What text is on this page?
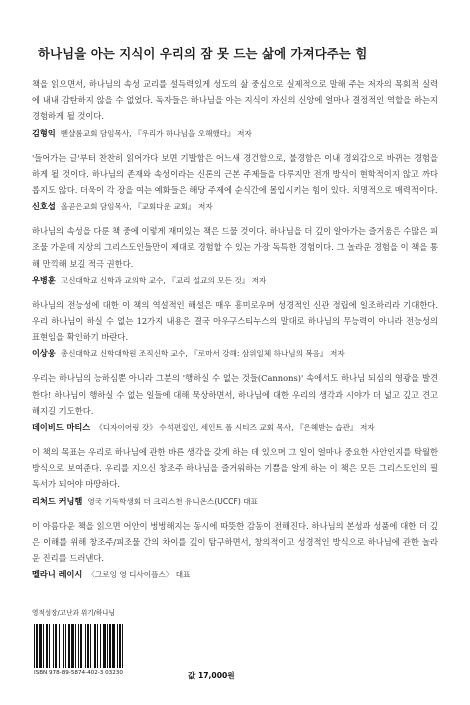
하나님을 아는 지식이 우리의 잠 못 드는 삶에 가져다주는 힘

책을 읽으면서, 하나님의 속성 교리를 설득력있게 성도의 삶 중심으로 실제적으로 말해 주는 저자의 목회적 실력에 내내 감탄하지 않을 수 없었다. 독자들은 하나님을 아는 지식이 자신의 신앙에 얼마나 결정적인 역할을 하는지 경험하게 될 것이다.

김형익 벧샬롬교회 담임목사, 『우리가 하나님을 오해했다』 저자

'들어가는 글'부터 찬찬히 읽어가다 보면 기발함은 어느새 경건함으로, 불경함은 이내 경외감으로 바뀌는 경험을 하게 될 것이다. 하나님의 존재와 속성이라는 신론의 근본 주제들을 다루지만 전개 방식이 현학적이지 않고 까다롭지도 않다. 더욱이 각 장을 여는 예화들은 해당 주제에 순식간에 몰입시키는 힘이 있다. 치명적으로 매력적이다.

신호섭 올곧은교회 담임목사, 『교회다운 교회』 저자

하나님의 속성을 다룬 책 중에 이렇게 재미있는 책은 드물 것이다. 하나님을 더 깊이 알아가는 즐거움은 수많은 피조물 가운데 지상의 그리스도인들만이 제대로 경험할 수 있는 가장 독특한 경험이다. 그 놀라운 경험을 이 책을 통해 만끽해 보길 적극 권한다.

우병훈 고신대학교 신학과 교의학 교수, 『교리 설교의 모든 것』 저자

하나님의 전능성에 대한 이 책의 역설적인 해설은 매우 흥미로우며 성경적인 신관 정립에 일조하리라 기대한다. 우리 하나님이 하실 수 없는 12가지 내용은 결국 아우구스티누스의 말대로 하나님의 무능력이 아니라 전능성의 표현임을 확인하기 바란다.

이상웅 총신대학교 신학대학원 조직신학 교수, 『로마서 강해: 삼위일체 하나님의 복음』 저자

우리는 하나님의 능하심뿐 아니라 그분의 '행하실 수 없는 것들(Cannons)' 속에서도 하나님 되심의 영광을 발견한다! 하나님이 행하실 수 없는 일들에 대해 묵상하면서, 하나님에 대한 우리의 생각과 시야가 더 넓고 깊고 견고해지길 기도한다.

데이비드 마티스 《디자이어링 갓》 수석편집인, 세인트 폴 시티즈 교회 목사, 『은혜받는 습관』 저자

이 책의 목표는 우리로 하나님에 관한 바른 생각을 갖게 하는 데 있으며 그 일이 얼마나 중요한 사안인지를 탁월한 방식으로 보여준다. 우리를 지으신 창조주 하나님을 즐거워하는 기쁨을 알게 하는 이 책은 모든 그리스도인의 필독서가 되어야 마땅하다.

리처드 커닝햄 영국 기독학생회 더 크리스천 유니온스(UCCF) 대표

이 아름다운 책을 읽으면 어안이 벙벙해지는 동시에 따뜻한 감동이 전해진다. 하나님의 본성과 성품에 대한 더 깊은 이해를 위해 창조주/피조물 간의 차이를 깊이 탐구하면서, 창의적이고 성경적인 방식으로 하나님에 관한 놀라운 진리를 드러낸다.

멜라니 레이시 〈그로잉 영 디사이플스〉 대표
영적성장/고난과 위기/하나님
ISBN 978-89-5874-402-3 03230	값 17,000원
